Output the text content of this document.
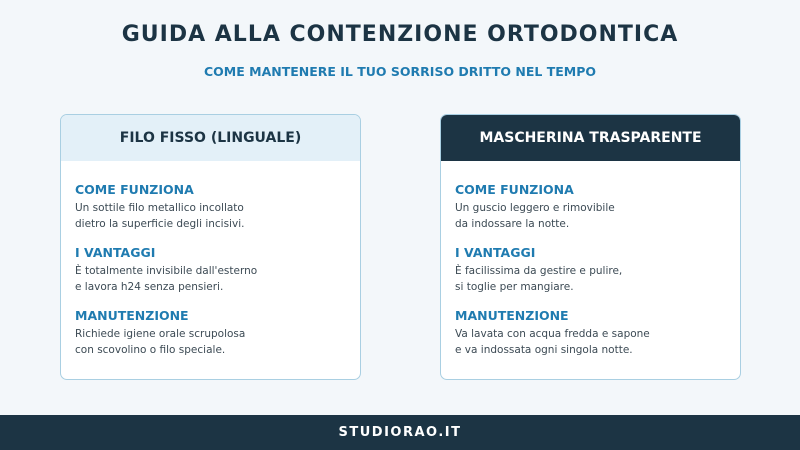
GUIDA ALLA CONTENZIONE ORTODONTICA
COME MANTENERE IL TUO SORRISO DRITTO NEL TEMPO
FILO FISSO (LINGUALE)
COME FUNZIONA
Un sottile filo metallico incollato
dietro la superficie degli incisivi.
I VANTAGGI
È totalmente invisibile dall'esterno
e lavora h24 senza pensieri.
MANUTENZIONE
Richiede igiene orale scrupolosa
con scovolino o filo speciale.
MASCHERINA TRASPARENTE
COME FUNZIONA
Un guscio leggero e rimovibile
da indossare la notte.
I VANTAGGI
È facilissima da gestire e pulire,
si toglie per mangiare.
MANUTENZIONE
Va lavata con acqua fredda e sapone
e va indossata ogni singola notte.
STUDIORAO.IT
